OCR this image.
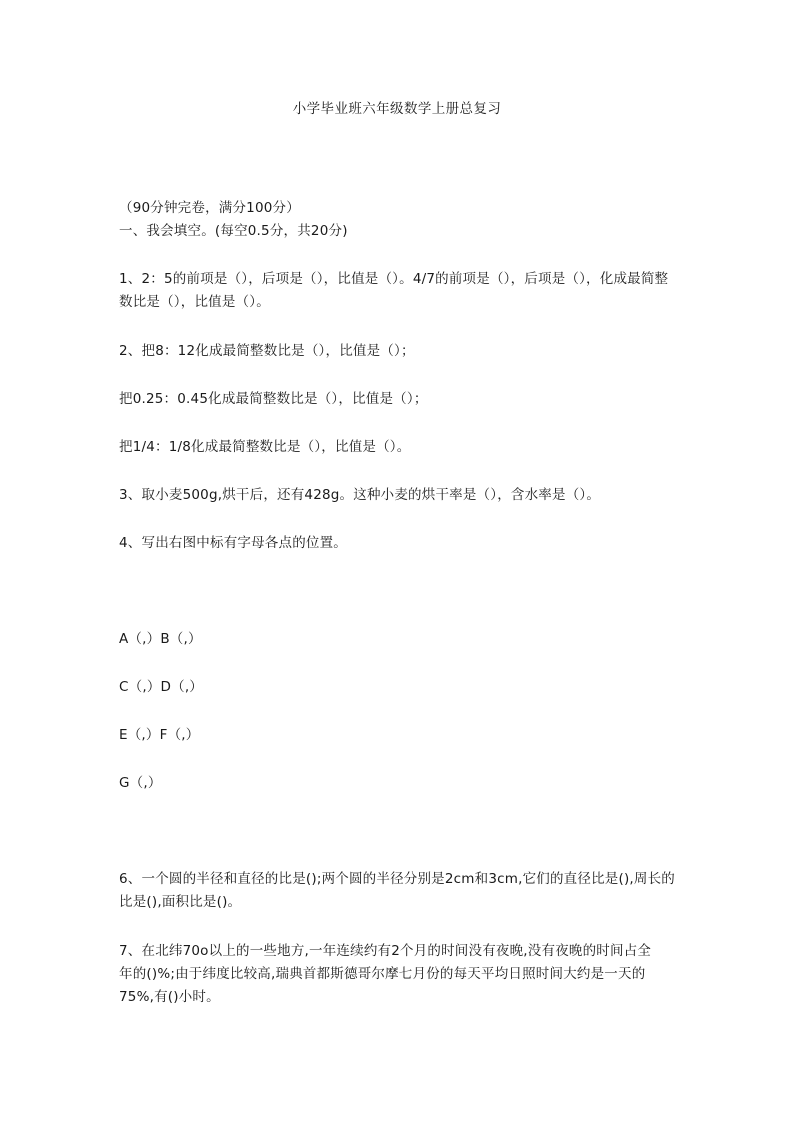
小学毕业班六年级数学上册总复习
（90分钟完卷，满分100分）
一、我会填空。(每空0.5分，共20分)
1、2：5的前项是（），后项是（），比值是（）。4/7的前项是（），后项是（），化成最简整
数比是（），比值是（）。
2、把8：12化成最简整数比是（），比值是（）；
把0.25：0.45化成最简整数比是（），比值是（）；
把1/4：1/8化成最简整数比是（），比值是（）。
3、取小麦500g,烘干后，还有428g。这种小麦的烘干率是（），含水率是（）。
4、写出右图中标有字母各点的位置。
A（,）B（,）
C（,）D（,）
E（,）F（,）
G（,）
6、一个圆的半径和直径的比是();两个圆的半径分别是2cm和3cm,它们的直径比是(),周长的
比是(),面积比是()。
7、在北纬70o以上的一些地方,一年连续约有2个月的时间没有夜晚,没有夜晚的时间占全
年的()%;由于纬度比较高,瑞典首都斯德哥尔摩七月份的每天平均日照时间大约是一天的
75%,有()小时。
